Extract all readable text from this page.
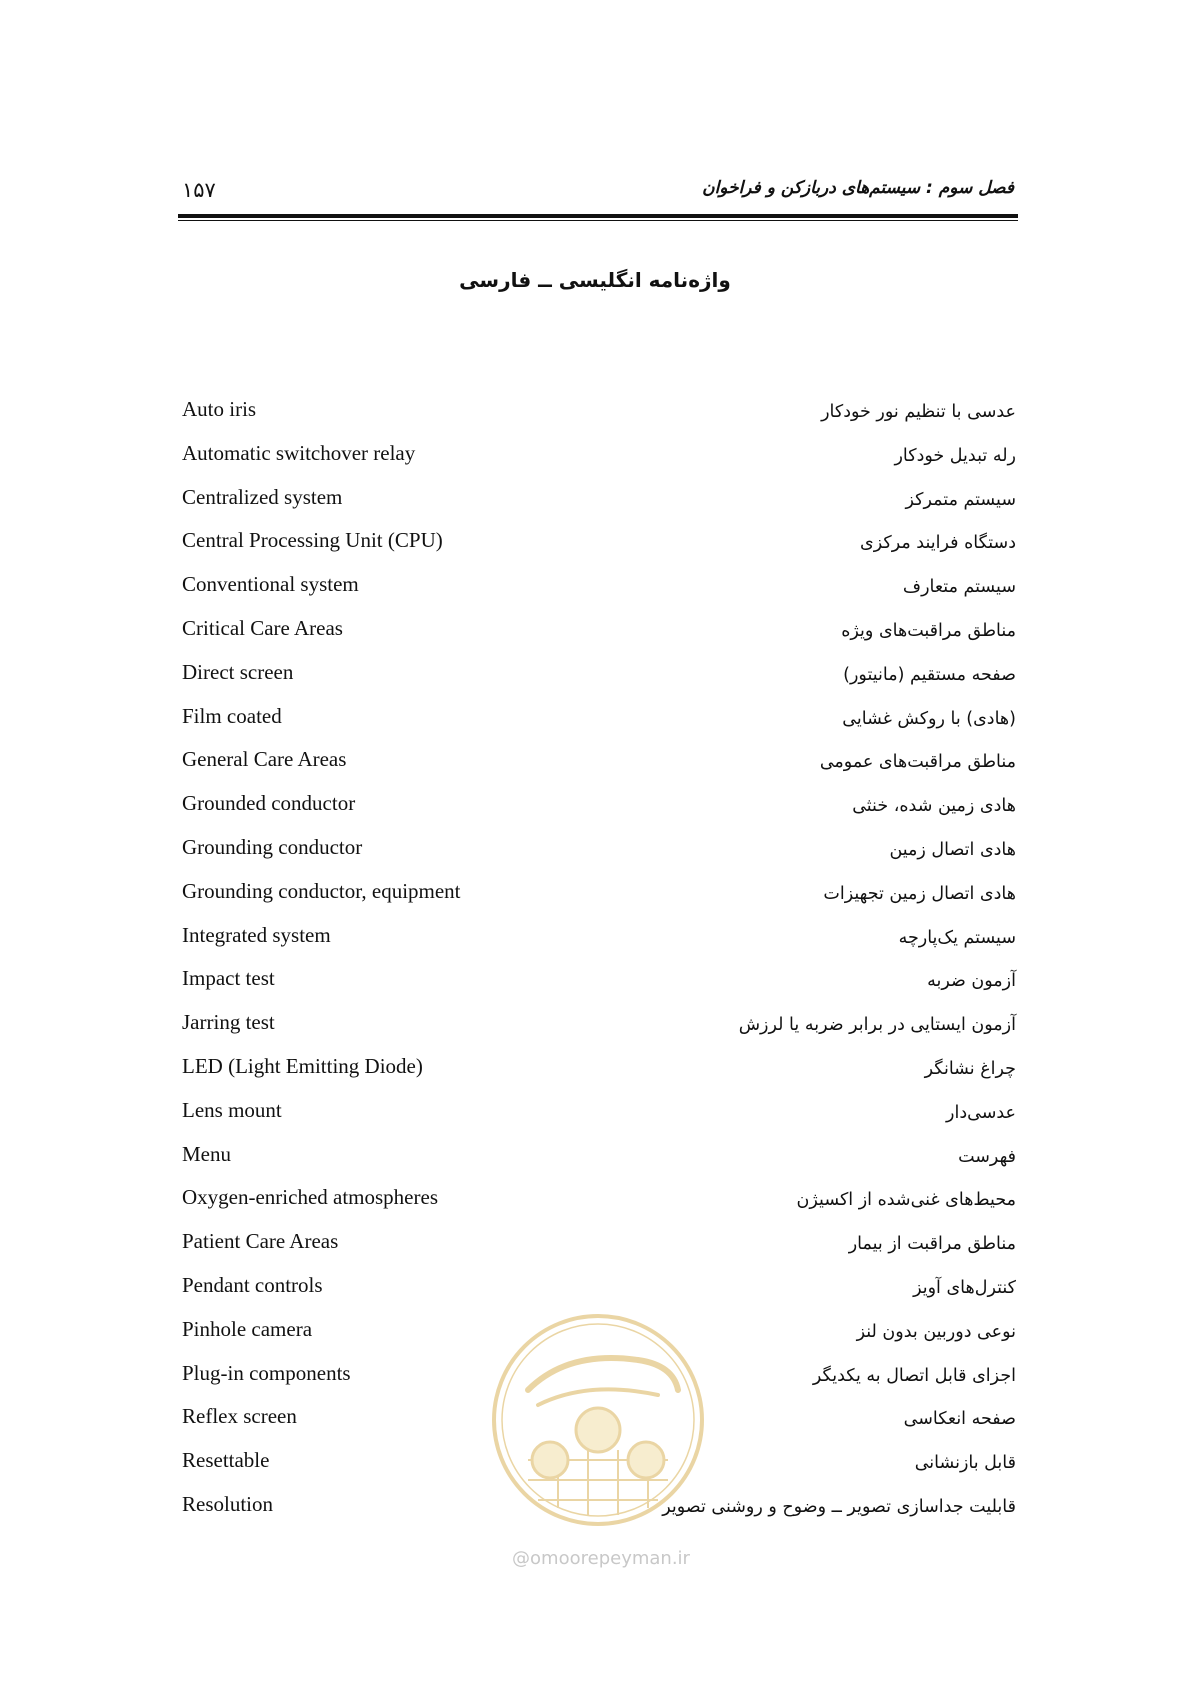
۱۵۷	فصل سوم : سیستم‌های دربازکن و فراخوان
واژه‌نامه انگلیسی ــ فارسی
Auto iris	عدسی با تنظیم نور خودکار
Automatic switchover relay	رله تبدیل خودکار
Centralized system	سیستم متمرکز
Central Processing Unit (CPU)	دستگاه فرایند مرکزی
Conventional system	سیستم متعارف
Critical Care Areas	مناطق مراقبت‌های ویژه
Direct screen	صفحه مستقیم (مانیتور)
Film coated	(هادی) با روکش غشایی
General Care Areas	مناطق مراقبت‌های عمومی
Grounded conductor	هادی زمین شده، خنثی
Grounding conductor	هادی اتصال زمین
Grounding conductor, equipment	هادی اتصال زمین تجهیزات
Integrated system	سیستم یک‌پارچه
Impact test	آزمون ضربه
Jarring test	آزمون ایستایی در برابر ضربه یا لرزش
LED (Light Emitting Diode)	چراغ نشانگر
Lens mount	عدسی‌دار
Menu	فهرست
Oxygen-enriched atmospheres	محیط‌های غنی‌شده از اکسیژن
Patient Care Areas	مناطق مراقبت از بیمار
Pendant controls	کنترل‌های آویز
Pinhole camera	نوعی دوربین بدون لنز
Plug-in components	اجزای قابل اتصال به یکدیگر
Reflex screen	صفحه انعکاسی
Resettable	قابل بازنشانی
Resolution	قابلیت جداسازی تصویر ــ وضوح و روشنی تصویر
@omoorepeyman.ir
